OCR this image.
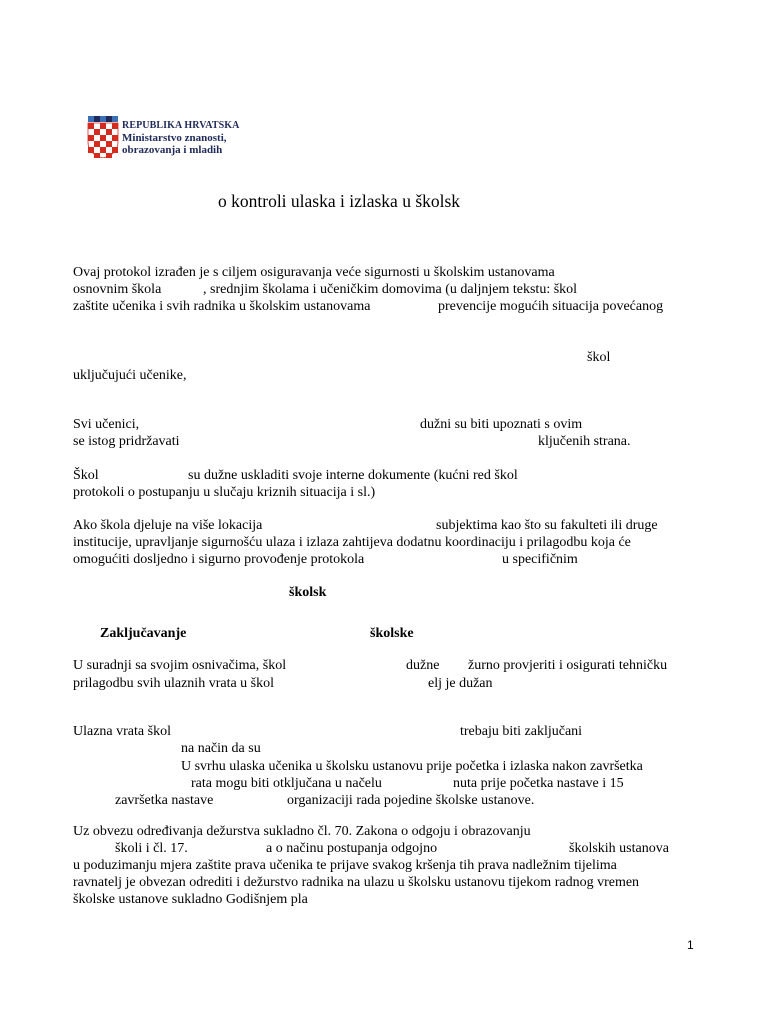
REPUBLIKA HRVATSKA
Ministarstvo znanosti,
obrazovanja i mladih
o kontroli ulaska i izlaska u školsk
Ovaj protokol izrađen je s ciljem osiguravanja veće sigurnosti u školskim ustanovama
osnovnim škola	, srednjim školama i učeničkim domovima (u daljnjem tekstu: škol
zaštite učenika i svih radnika u školskim ustanovama	prevencije mogućih situacija povećanog
škol
uključujući učenike,
Svi učenici,	dužni su biti upoznati s ovim
se istog pridržavati	ključenih strana.
Škol	su dužne uskladiti svoje interne dokumente (kućni red škol
protokoli o postupanju u slučaju kriznih situacija i sl.)
Ako škola djeluje na više lokacija	subjektima kao što su fakulteti ili druge
institucije, upravljanje sigurnošću ulaza i izlaza zahtijeva dodatnu koordinaciju i prilagodbu koja će
omogućiti dosljedno i sigurno provođenje protokola	u specifičnim
školsk
Zaključavanje	školske
U suradnji sa svojim osnivačima, škol	dužne žurno provjeriti i osigurati tehničku
prilagodbu svih ulaznih vrata u škol	elj je dužan
Ulazna vrata škol	trebaju biti zaključani
na način da su
U svrhu ulaska učenika u školsku ustanovu prije početka i izlaska nakon završetka
rata mogu biti otključana u načelu	nuta prije početka nastave i 15
završetka nastave	organizaciji rada pojedine školske ustanove.
Uz obvezu određivanja dežurstva sukladno čl. 70. Zakona o odgoju i obrazovanju
školi i čl. 17.	a o načinu postupanja odgojno	školskih ustanova
u poduzimanju mjera zaštite prava učenika te prijave svakog kršenja tih prava nadležnim tijelima
ravnatelj je obvezan odrediti i dežurstvo radnika na ulazu u školsku ustanovu tijekom radnog vremen
školske ustanove sukladno Godišnjem pla
1
